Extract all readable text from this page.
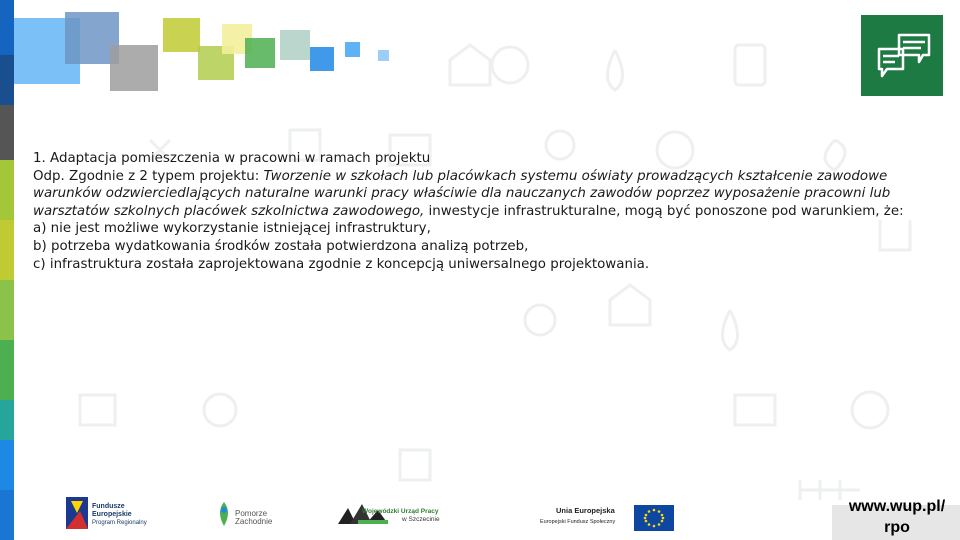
1. Adaptacja pomieszczenia w pracowni w ramach projektu

Odp. Zgodnie z 2 typem projektu: Tworzenie w szkołach lub placówkach systemu oświaty prowadzących kształcenie zawodowe warunków odzwierciedlających naturalne warunki pracy właściwie dla nauczanych zawodów poprzez wyposażenie pracowni lub warsztatów szkolnych placówek szkolnictwa zawodowego, inwestycje infrastrukturalne, mogą być ponoszone pod warunkiem, że:

a) nie jest możliwe wykorzystanie istniejącej infrastruktury,

b) potrzeba wydatkowania środków została potwierdzona analizą potrzeb,

c) infrastruktura została zaprojektowana zgodnie z koncepcją uniwersalnego projektowania.

Fundusze
Europejskie
Program Regionalny
Pomorze
Zachodnie
Wojewódzki Urząd Pracy
w Szczecinie
Unia Europejska
Europejski Fundusz Społeczny
www.wup.pl/ rpo
